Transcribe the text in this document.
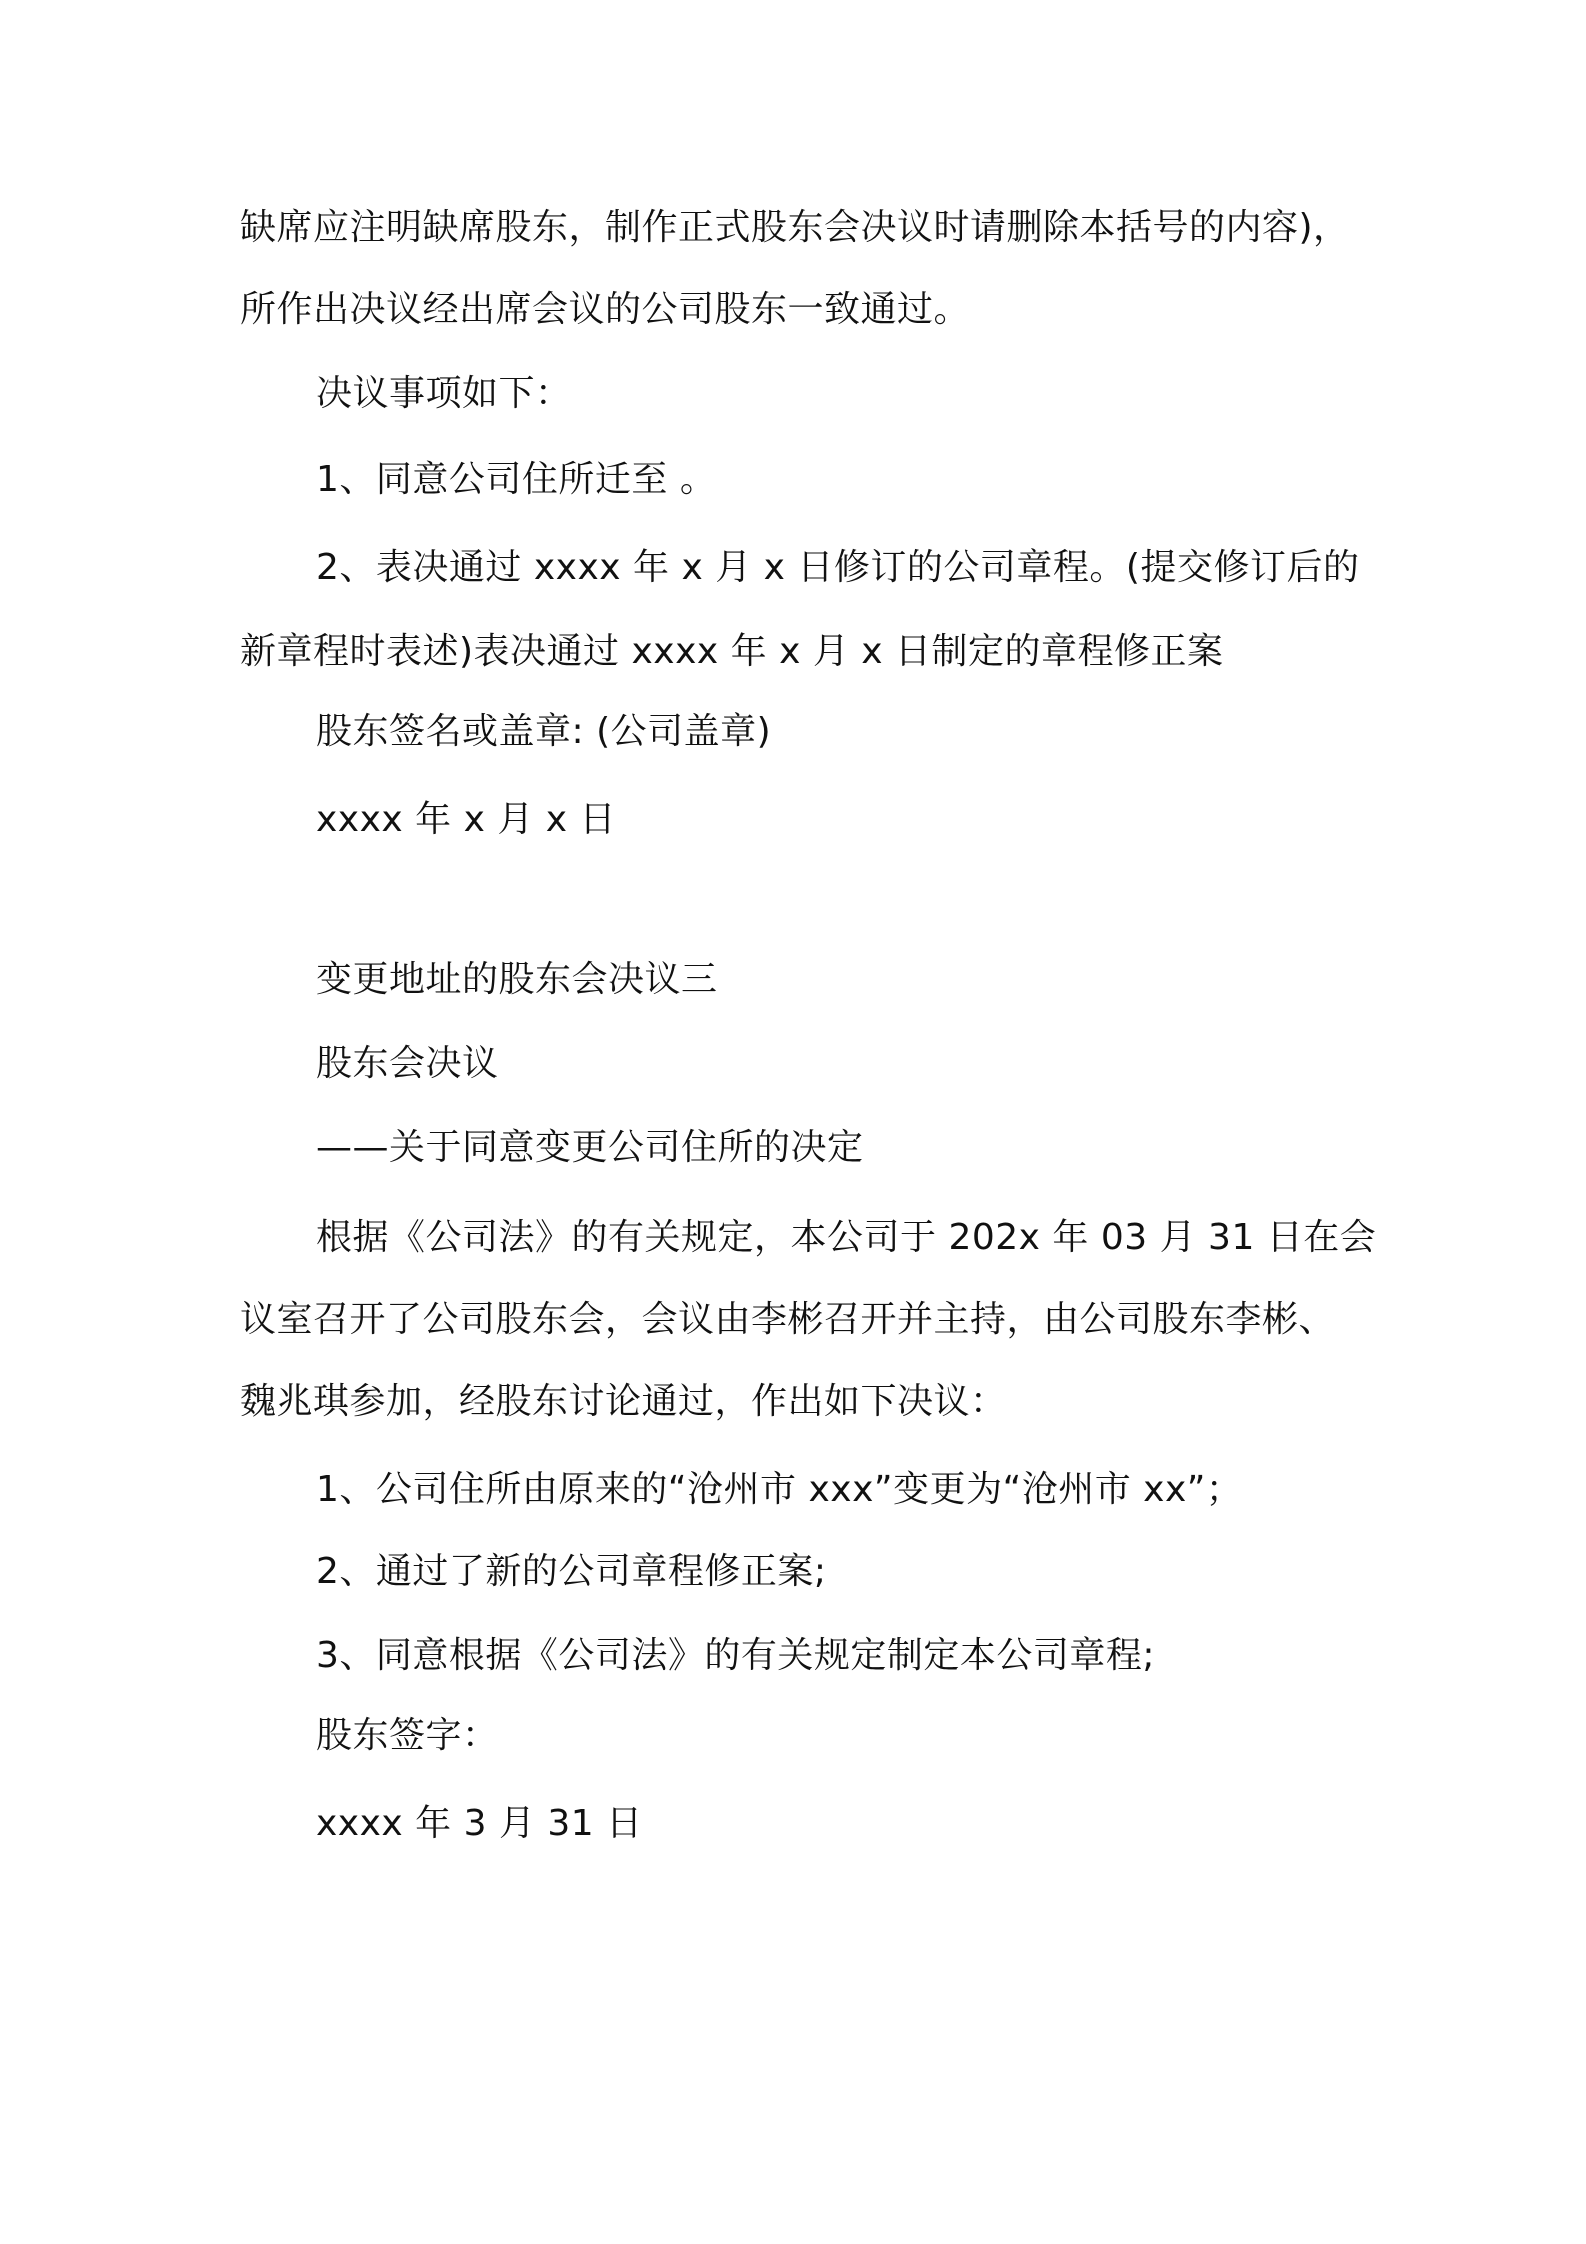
缺席应注明缺席股东，制作正式股东会决议时请删除本括号的内容)，
所作出决议经出席会议的公司股东一致通过。
决议事项如下：
1、同意公司住所迁至 。
2、表决通过 xxxx 年 x 月 x 日修订的公司章程。(提交修订后的
新章程时表述)表决通过 xxxx 年 x 月 x 日制定的章程修正案
股东签名或盖章: (公司盖章)
xxxx 年 x 月 x 日
变更地址的股东会决议三
股东会决议
——关于同意变更公司住所的决定
根据《公司法》的有关规定，本公司于 202x 年 03 月 31 日在会
议室召开了公司股东会，会议由李彬召开并主持，由公司股东李彬、
魏兆琪参加，经股东讨论通过，作出如下决议：
1、公司住所由原来的“沧州市 xxx”变更为“沧州市 xx”；
2、通过了新的公司章程修正案;
3、同意根据《公司法》的有关规定制定本公司章程;
股东签字：
xxxx 年 3 月 31 日
